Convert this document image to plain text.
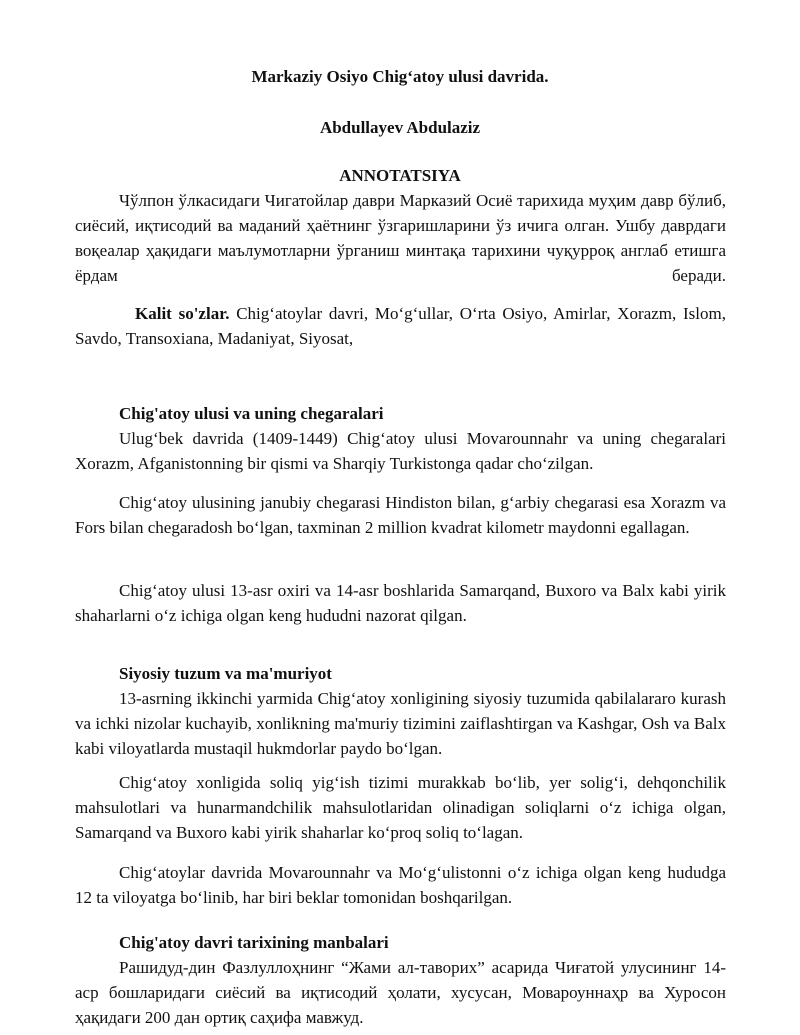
Markaziy Osiyo Chig‘atoy ulusi davrida.
Abdullayev Abdulaziz
ANNOTATSIYA

Чўлпон ўлкасидаги Чигатойлар даври Марказий Осиё тарихида муҳим давр бўлиб, сиёсий, иқтисодий ва маданий ҳаётнинг ўзгаришларини ўз ичига олган. Ушбу даврдаги воқеалар ҳақидаги маълумотларни ўрганиш минтақа тарихини чуқурроқ англаб етишга ёрдам беради.

Kalit so'zlar. Chig‘atoylar davri, Mo‘g‘ullar, O‘rta Osiyo, Amirlar, Xorazm, Islom, Savdo, Transoxiana, Madaniyat, Siyosat,

Chig'atoy ulusi va uning chegaralari

Ulug‘bek davrida (1409-1449) Chig‘atoy ulusi Movarounnahr va uning chegaralari Xorazm, Afganistonning bir qismi va Sharqiy Turkistonga qadar cho‘zilgan.

Chig‘atoy ulusining janubiy chegarasi Hindiston bilan, g‘arbiy chegarasi esa Xorazm va Fors bilan chegaradosh bo‘lgan, taxminan 2 million kvadrat kilometr maydonni egallagan.

Chig‘atoy ulusi 13-asr oxiri va 14-asr boshlarida Samarqand, Buxoro va Balx kabi yirik shaharlarni o‘z ichiga olgan keng hududni nazorat qilgan.

Siyosiy tuzum va ma'muriyot

13-asrning ikkinchi yarmida Chig‘atoy xonligining siyosiy tuzumida qabilalararo kurash va ichki nizolar kuchayib, xonlikning ma'muriy tizimini zaiflashtirgan va Kashgar, Osh va Balx kabi viloyatlarda mustaqil hukmdorlar paydo bo‘lgan.

Chig‘atoy xonligida soliq yig‘ish tizimi murakkab bo‘lib, yer solig‘i, dehqonchilik mahsulotlari va hunarmandchilik mahsulotlaridan olinadigan soliqlarni o‘z ichiga olgan, Samarqand va Buxoro kabi yirik shaharlar ko‘proq soliq to‘lagan.

Chig‘atoylar davrida Movarounnahr va Mo‘g‘ulistonni o‘z ichiga olgan keng hududga 12 ta viloyatga bo‘linib, har biri beklar tomonidan boshqarilgan.

Chig'atoy davri tarixining manbalari

Рашидуд-дин Фазлуллоҳнинг “Жами ал-таворих” асарида Чиғатой улусининг 14-аср бошларидаги сиёсий ва иқтисодий ҳолати, хусусан, Мовароуннаҳр ва Хуросон ҳақидаги 200 дан ортиқ саҳифа мавжуд.
